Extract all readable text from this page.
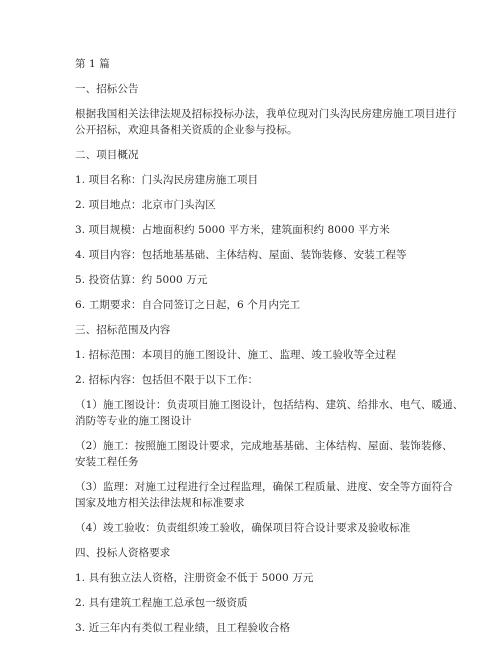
第 1 篇
一、招标公告
根据我国相关法律法规及招标投标办法，我单位现对门头沟民房建房施工项目进行
公开招标，欢迎具备相关资质的企业参与投标。
二、项目概况
1. 项目名称：门头沟民房建房施工项目
2. 项目地点：北京市门头沟区
3. 项目规模：占地面积约 5000 平方米，建筑面积约 8000 平方米
4. 项目内容：包括地基基础、主体结构、屋面、装饰装修、安装工程等
5. 投资估算：约 5000 万元
6. 工期要求：自合同签订之日起，6 个月内完工
三、招标范围及内容
1. 招标范围：本项目的施工图设计、施工、监理、竣工验收等全过程
2. 招标内容：包括但不限于以下工作：
（1）施工图设计：负责项目施工图设计，包括结构、建筑、给排水、电气、暖通、
消防等专业的施工图设计
（2）施工：按照施工图设计要求，完成地基基础、主体结构、屋面、装饰装修、
安装工程任务
（3）监理：对施工过程进行全过程监理，确保工程质量、进度、安全等方面符合
国家及地方相关法律法规和标准要求
（4）竣工验收：负责组织竣工验收，确保项目符合设计要求及验收标准
四、投标人资格要求
1. 具有独立法人资格，注册资金不低于 5000 万元
2. 具有建筑工程施工总承包一级资质
3. 近三年内有类似工程业绩，且工程验收合格
